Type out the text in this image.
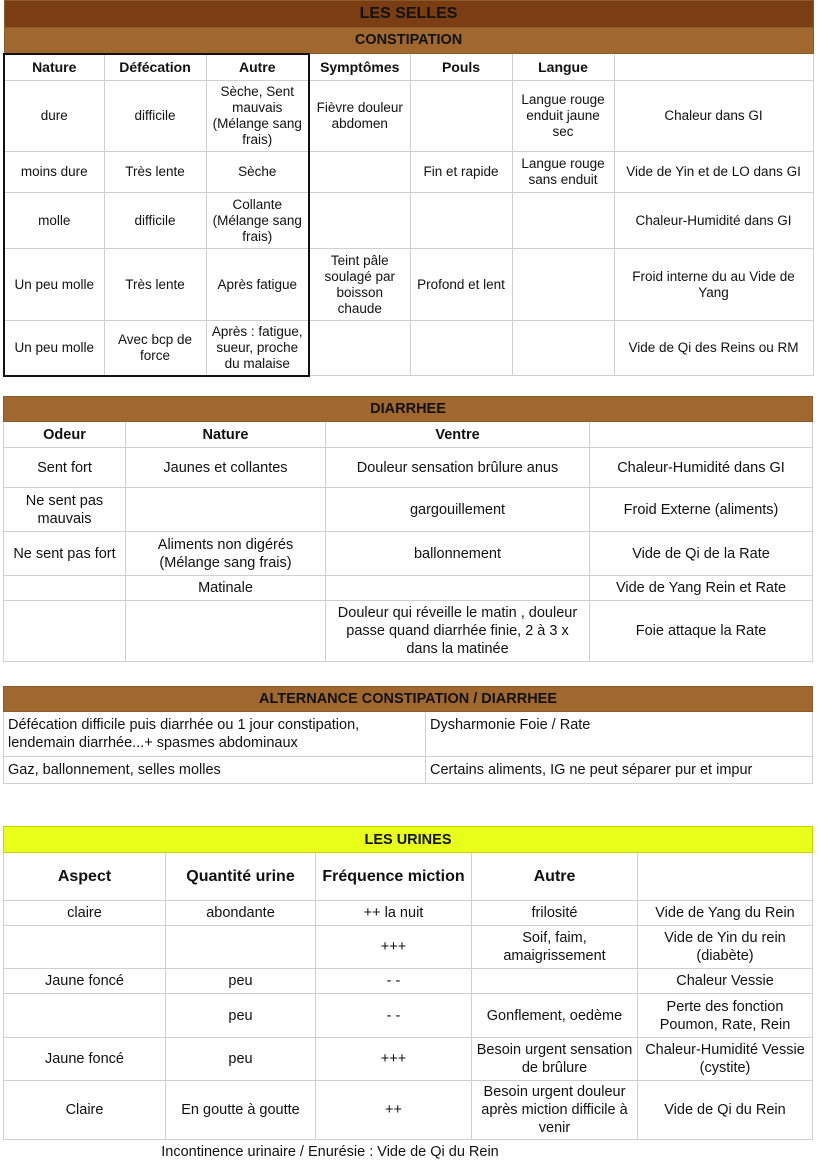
LES SELLES						
CONSTIPATION						
Nature	Défécation	Autre	Symptômes	Pouls	Langue	
dure	difficile	Sèche, Sent mauvais (Mélange sang frais)	Fièvre douleur abdomen		Langue rouge enduit jaune sec	Chaleur dans GI
moins dure	Très lente	Sèche		Fin et rapide	Langue rouge sans enduit	Vide de Yin et de LO dans GI
molle	difficile	Collante (Mélange sang frais)				Chaleur-Humidité dans GI
Un peu molle	Très lente	Après fatigue	Teint pâle soulagé par boisson chaude	Profond et lent		Froid interne du au Vide de Yang
Un peu molle	Avec bcp de force	Après : fatigue, sueur, proche du malaise				Vide de Qi des Reins ou RM
DIARRHEE			
Odeur	Nature	Ventre	
Sent fort	Jaunes et collantes	Douleur sensation brûlure anus	Chaleur-Humidité dans GI
Ne sent pas mauvais		gargouillement	Froid Externe (aliments)
Ne sent pas fort	Aliments non digérés (Mélange sang frais)	ballonnement	Vide de Qi de la Rate
	Matinale		Vide de Yang Rein et Rate
		Douleur qui réveille le matin , douleur passe quand diarrhée finie, 2 à 3 x dans la matinée	Foie attaque la Rate
ALTERNANCE CONSTIPATION / DIARRHEE	
Défécation difficile puis diarrhée ou 1 jour constipation, lendemain diarrhée...+ spasmes abdominaux	Dysharmonie Foie / Rate
Gaz, ballonnement, selles molles	Certains aliments, IG ne peut séparer pur et impur
LES URINES				
Aspect	Quantité urine	Fréquence miction	Autre	
claire	abondante	++ la nuit	frilosité	Vide de Yang du Rein
		+++	Soif, faim, amaigrissement	Vide de Yin du rein (diabète)
Jaune foncé	peu	- -		Chaleur Vessie
	peu	- -	Gonflement, oedème	Perte des fonction Poumon, Rate, Rein
Jaune foncé	peu	+++	Besoin urgent sensation de brûlure	Chaleur-Humidité Vessie (cystite)
Claire	En goutte à goutte	++	Besoin urgent douleur après miction difficile à venir	Vide de Qi du Rein
Incontinence urinaire / Enurésie : Vide de Qi du Rein				
